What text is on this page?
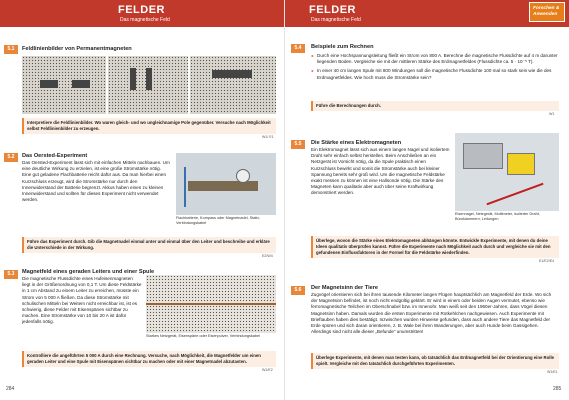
FELDER
Das magnetische Feld
5.1	Feldlinienbilder von Permanentmagneten
Interpretiere die Feldlinienbilder. Wo waren gleich- und wo ungleichnamige Pole gegenüber. Versuche nach Möglichkeit selbst Feldlinienbilder zu erzeugen.
W1/ E1
5.2	Das Oersted-Experiment
Das Oersted-Experiment lässt sich mit einfachen Mitteln nachbauen. Um eine deutliche Wirkung zu erzielen, ist eine große Stromstärke nötig. Eine gut geladene Flachbatterie reicht dafür aus. Da man hierbei einen Kurzschluss erzeugt, wird die Stromstärke nur durch den Innenwiderstand der Batterie begrenzt. Akkus haben einen zu kleinen Innenwiderstand und sollten für dieses Experiment nicht verwendet werden.
Flachbatterie, Kompass oder Magnetnadel, Stativ, Verbindungskabel
Führe das Experiment durch. Gib die Magnetnadel einmal unter und einmal über den Leiter und beschreibe und erkläre die Unterschiede in der Wirkung.
E2/W4
5.3	Magnetfeld eines geraden Leiters und einer Spule
Die magnetische Flussdichte eines Hufeisenmagneten liegt in der Größenordnung von 0,1 T. Um diese Feldstärke in 1 cm Abstand zu einem Leiter zu erreichen, müsste ein Strom von 5 000 A fließen. Da diese Stromstärke mit schulischen Mitteln bei Weitem nicht erreichbar ist, ist es schwierig, diese Felder mit Eisenspänen sichtbar zu machen. Eine Stromstärke von 10 bis 20 A ist dafür jedenfalls nötig.
Starkes Netzgerät, Eisenspäne oder Eisenpulver, Verbindungskabel
Kontrolliere die angeführten 5 000 A durch eine Rechnung. Versuche, nach Möglichkeit, die Magnetfelder um einen geraden Leiter und eine Spule mit Eisenspänen sichtbar zu machen oder mit einer Magnetnadel abzutasten.
W1/E2
284
FELDER
Das magnetische Feld
Forschen & Anwenden
5.4	Beispiele zum Rechnen
► Durch eine Hochspannungsleitung fließt ein Strom von 800 A. Berechne die magnetische Flussdichte auf 4 m darunter liegenden Boden. Vergleiche sie mit der mittleren Stärke des Erdmagnetfeldes (Flussdichte ca. 5 · 10⁻⁵ T).
► In einer 40 cm langen Spule mit 800 Windungen soll die magnetische Flussdichte 100 mal so stark sein wie die des Erdmagnetfeldes. Wie hoch muss die Stromstärke sein?
Führe die Berechnungen durch.
W1
5.5	Die Stärke eines Elektromagneten
Ein Elektromagnet lässt sich aus einem langen Nagel und isoliertem Draht sehr einfach selbst herstellen. Beim Anschließen an ein Netzgerät ist Vorsicht nötig, da die Spule praktisch einen Kurzschluss bewirkt und somit die Stromstärke auch bei kleiner Spannung bereits sehr groß wird. Um die magnetische Feldstärke exakt messen zu können ist eine Hallsonde nötig. Die Stärke des Magneten kann qualitativ aber auch über seine Kraftwirkung demonstriert werden.
Eisennagel, Netzgerät, Multimeter, isolierter Draht, Büroklammern, Leitungen
Überlege, wovon die Stärke eines Elektromagneten abhängen könnte. Entwickle Experimente, mit denen du deine Ideen qualitativ überprüfen kannst. Führe die Experimente nach Möglichkeit auch durch und vergleiche sie mit den gefundenen Einflussfaktoren in der Formel für die Feldstärke wiederfinden.
E1/E2/E4
5.6	Der Magnetsinn der Tiere
Zugvögel orientieren sich bei ihren tausende Kilometer langen Flügen hauptsächlich am Magnetfeld der Erde. Wo sich der Magnetsinn befindet, ist noch nicht endgültig geklärt. Er wird in einem oder beiden Augen vermutet, ebenso wie ferromagnetische Teilchen im Oberschnabel bzw. im Innenohr. Man weiß seit den 1960er-Jahren, dass Vögel diesen Magnetsinn haben. Damals wurden die ersten Experimente mit Rotkehlchen nachgewiesen. Auch Experimente mit Brieftauben haben dies bestätigt. Inzwischen wurden Hinweise gefunden, dass auch andere Tiere das Magnetfeld der Erde spüren und sich daran orientieren, z. B. Wale bei ihren Wanderungen, aber auch Hunde beim Gassigehen. Allerdings sind nicht alle dieser „Befunde“ unumstritten!
Überlege Experimente, mit denen man testen kann, ob tatsächlich das Erdmagnetfeld bei der Orientierung eine Rolle spielt. Vergleiche mit den tatsächlich durchgeführten Experimenten.
W1/E1
285
